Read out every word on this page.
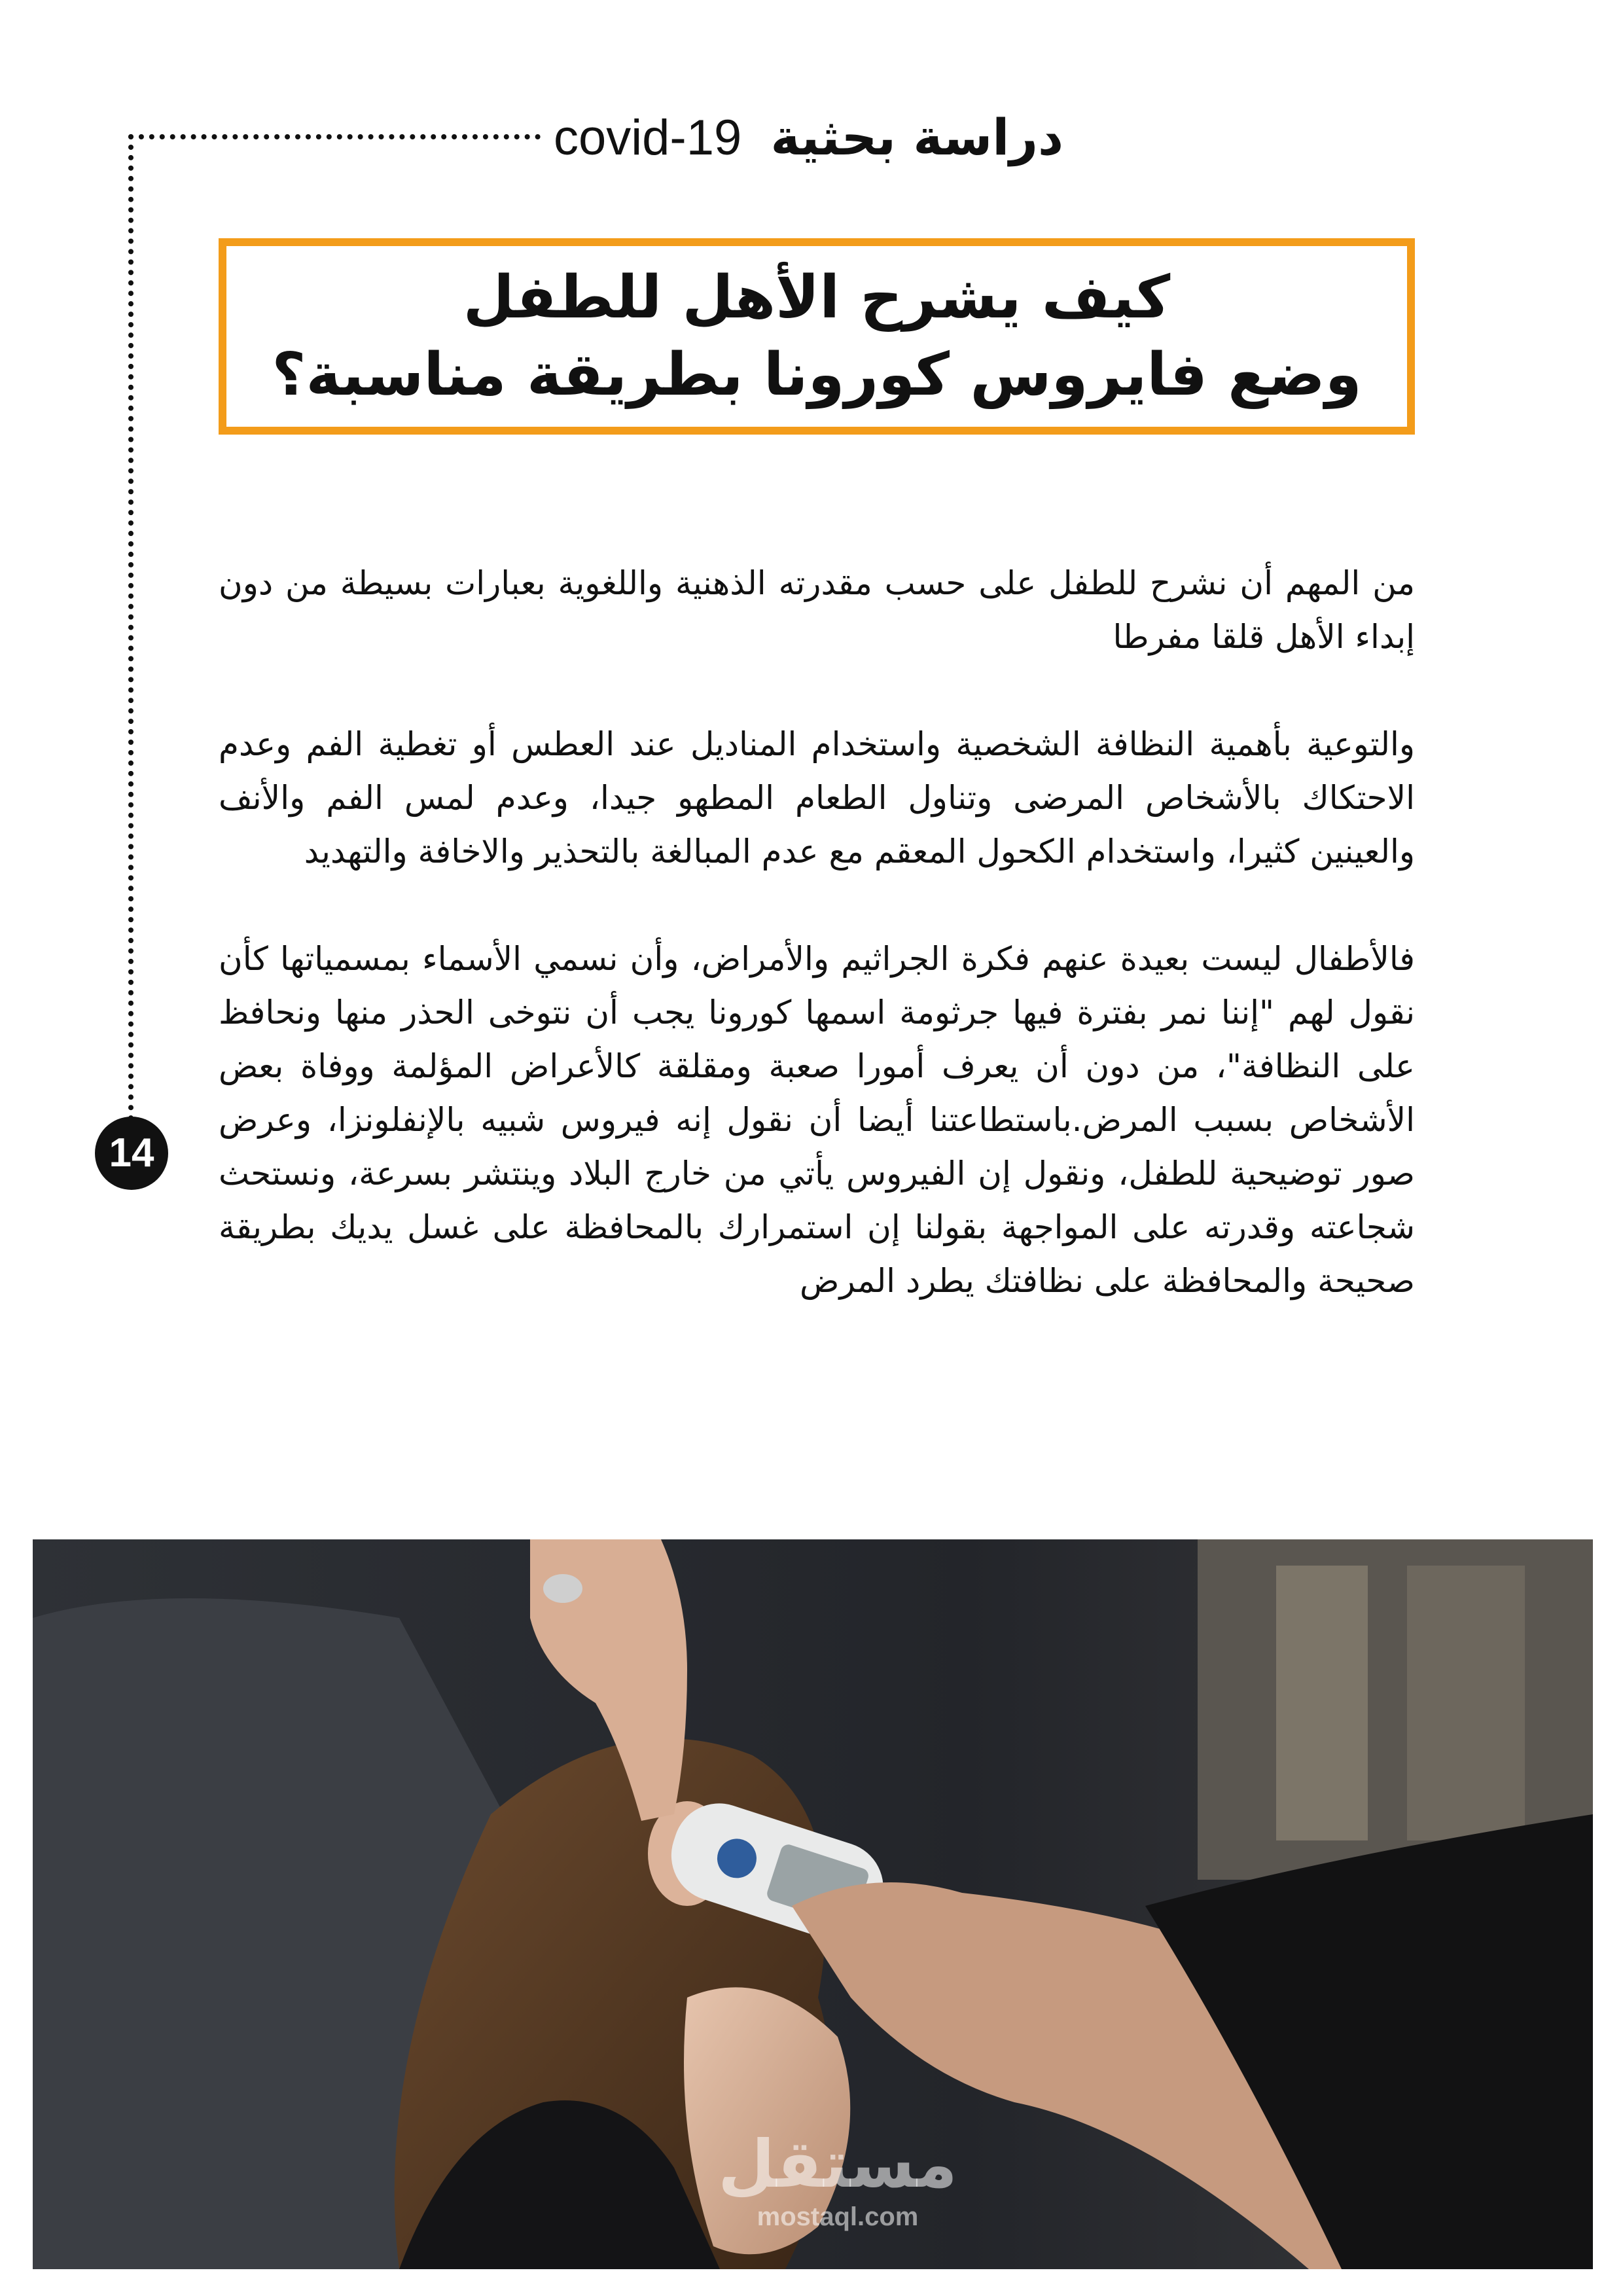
دراسة بحثية covid-19
14
كيف يشرح الأهل للطفل
وضع فايروس كورونا بطريقة مناسبة؟

من المهم أن نشرح للطفل على حسب مقدرته الذهنية واللغوية بعبارات بسيطة من دون إبداء الأهل قلقا مفرطا

والتوعية بأهمية النظافة الشخصية واستخدام المناديل عند العطس أو تغطية الفم وعدم الاحتكاك بالأشخاص المرضى وتناول الطعام المطهو جيدا، وعدم لمس الفم والأنف والعينين كثيرا، واستخدام الكحول المعقم مع عدم المبالغة بالتحذير والاخافة والتهديد

فالأطفال ليست بعيدة عنهم فكرة الجراثيم والأمراض، وأن نسمي الأسماء بمسمياتها كأن نقول لهم "إننا نمر بفترة فيها جرثومة اسمها كورونا يجب أن نتوخى الحذر منها ونحافظ على النظافة"، من دون أن يعرف أمورا صعبة ومقلقة كالأعراض المؤلمة ووفاة بعض الأشخاص بسبب المرض.باستطاعتنا أيضا أن نقول إنه فيروس شبيه بالإنفلونزا، وعرض صور توضيحية للطفل، ونقول إن الفيروس يأتي من خارج البلاد وينتشر بسرعة، ونستحث شجاعته وقدرته على المواجهة بقولنا إن استمرارك بالمحافظة على غسل يديك بطريقة صحيحة والمحافظة على نظافتك يطرد المرض

مستقل
mostaql.com
